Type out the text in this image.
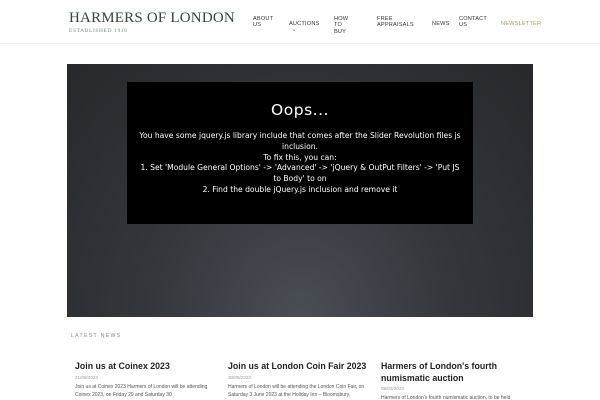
HARMERS OF LONDON
ESTABLISHED 1918
ABOUT
US	AUCTIONS⌄
HOW TO
BUY
FREE
APPRAISALS	NEWS
CONTACT
US	NEWSLETTER
Oops...
You have some jquery.js library include that comes after the Slider Revolution files js inclusion.
To fix this, you can:
1. Set 'Module General Options' -> 'Advanced' -> 'jQuery & OutPut Filters' -> 'Put JS to Body' to on
2. Find the double jQuery.js inclusion and remove it
LATEST NEWS
Join us at Coinex 2023
21/09/2023
Join us at Coinex 2023 Harmers of London will be attending Coinex 2023, on Friday 29 and Saturday 30
Join us at London Coin Fair 2023
30/05/2023
Harmers of London will be attending the London Coin Fair, on Saturday 3 June 2023 at the Holiday Inn – Bloomsbury,
Harmers of London's fourth numismatic auction
08/03/2023
Harmers of London's fourth numismatic auction, to be held
